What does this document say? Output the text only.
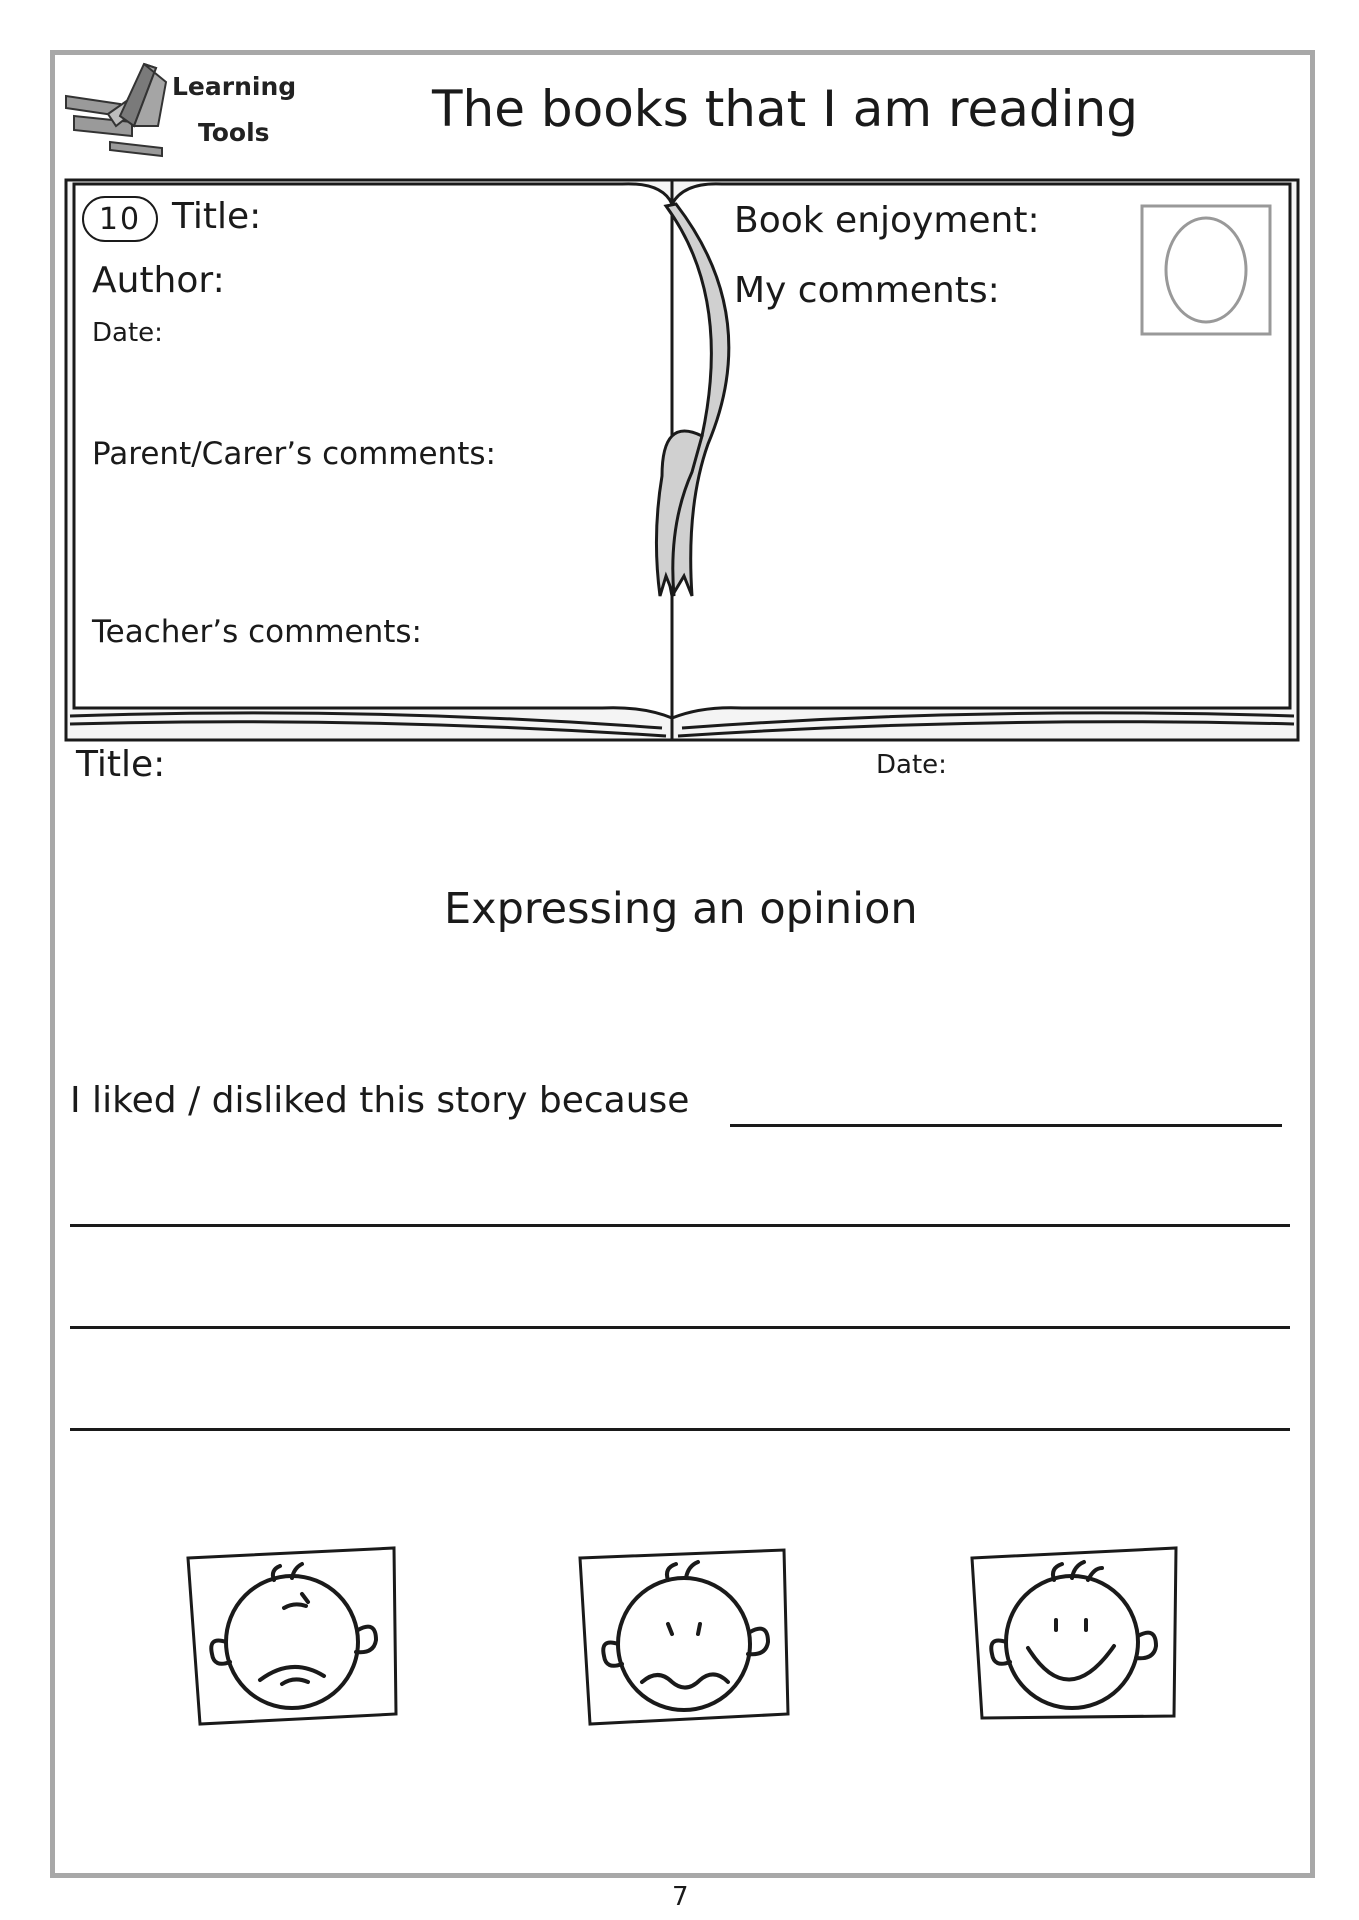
Learning
Tools	The books that I am reading
10 Title:
Author:
Date:
Parent/Carer’s comments:
Teacher’s comments:
Book enjoyment:
My comments:
Title:	Date:
Expressing an opinion
I liked / disliked this story because
7
